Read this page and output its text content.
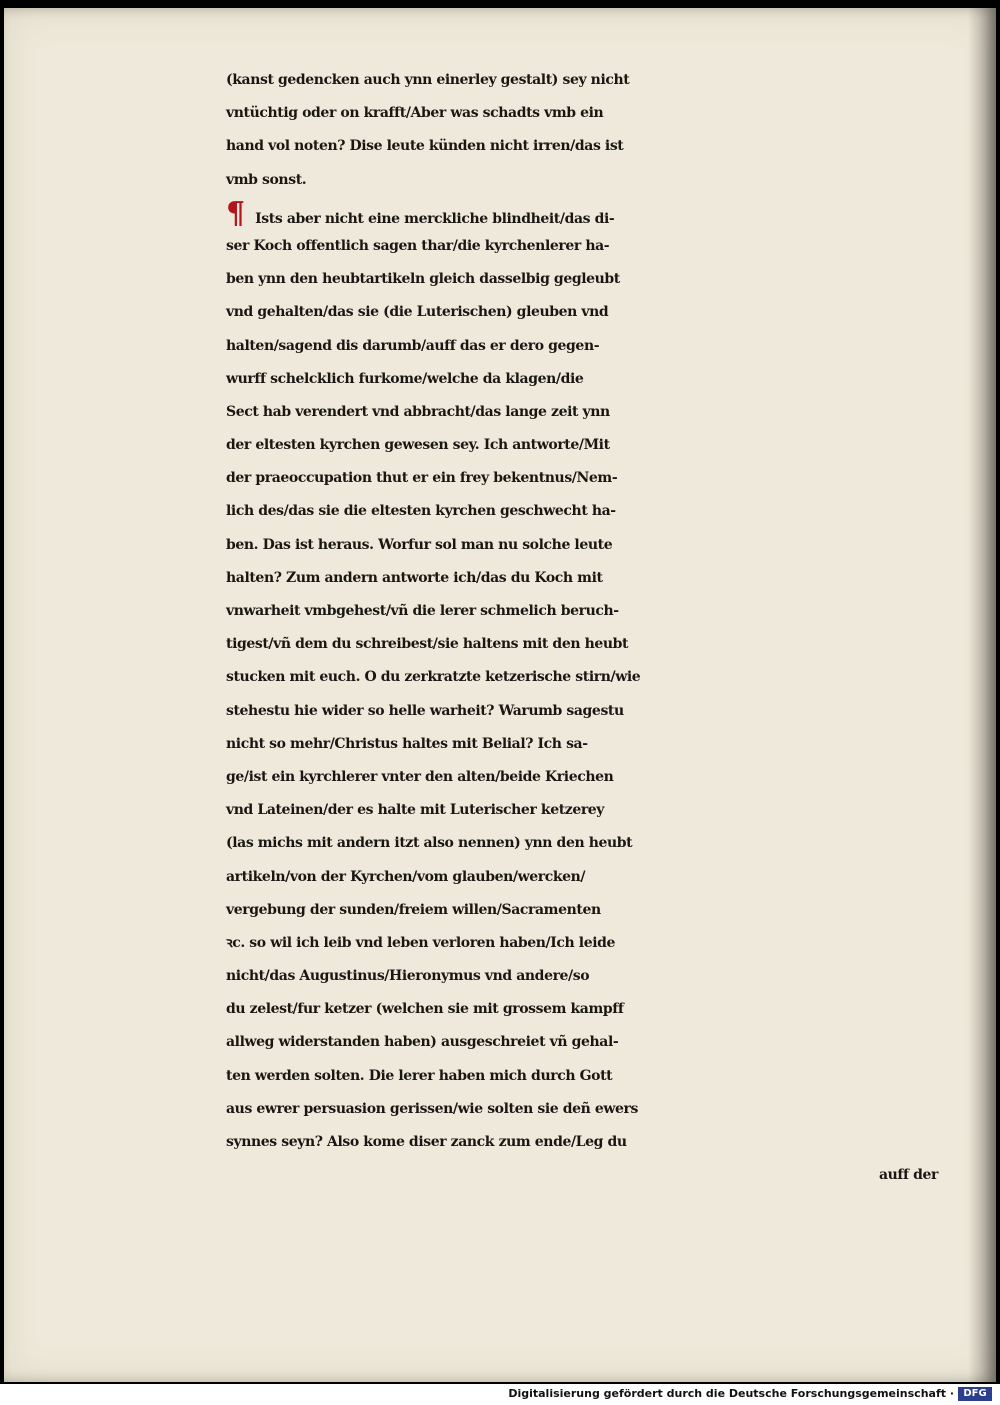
(kanst gedencken auch ynn einerley gestalt) sey nicht
vntüchtig oder on krafft/Aber was schadts vmb ein
hand vol noten? Dise leute künden nicht irren/das ist
vmb sonst.
¶ Ists aber nicht eine merckliche blindheit/das di-
ser Koch offentlich sagen thar/die kyrchenlerer ha-
ben ynn den heubtartikeln gleich dasselbig gegleubt
vnd gehalten/das sie (die Luterischen) gleuben vnd
halten/sagend dis darumb/auff das er dero gegen-
wurff schelcklich furkome/welche da klagen/die
Sect hab verendert vnd abbracht/das lange zeit ynn
der eltesten kyrchen gewesen sey. Ich antworte/Mit
der praeoccupation thut er ein frey bekentnus/Nem-
lich des/das sie die eltesten kyrchen geschwecht ha-
ben. Das ist heraus. Worfur sol man nu solche leute
halten? Zum andern antworte ich/das du Koch mit
vnwarheit vmbgehest/vñ die lerer schmelich beruch-
tigest/vñ dem du schreibest/sie haltens mit den heubt
stucken mit euch. O du zerkratzte ketzerische stirn/wie
stehestu hie wider so helle warheit? Warumb sagestu
nicht so mehr/Christus haltes mit Belial? Ich sa-
ge/ist ein kyrchlerer vnter den alten/beide Kriechen
vnd Lateinen/der es halte mit Luterischer ketzerey
(las michs mit andern itzt also nennen) ynn den heubt
artikeln/von der Kyrchen/vom glauben/wercken/
vergebung der sunden/freiem willen/Sacramenten
ꝛc. so wil ich leib vnd leben verloren haben/Ich leide
nicht/das Augustinus/Hieronymus vnd andere/so
du zelest/fur ketzer (welchen sie mit grossem kampff
allweg widerstanden haben) ausgeschreiet vñ gehal-
ten werden solten. Die lerer haben mich durch Gott
aus ewrer persuasion gerissen/wie solten sie deñ ewers
synnes seyn? Also kome diser zanck zum ende/Leg du
auff der
Digitalisierung gefördert durch die Deutsche Forschungsgemeinschaft · DFG
